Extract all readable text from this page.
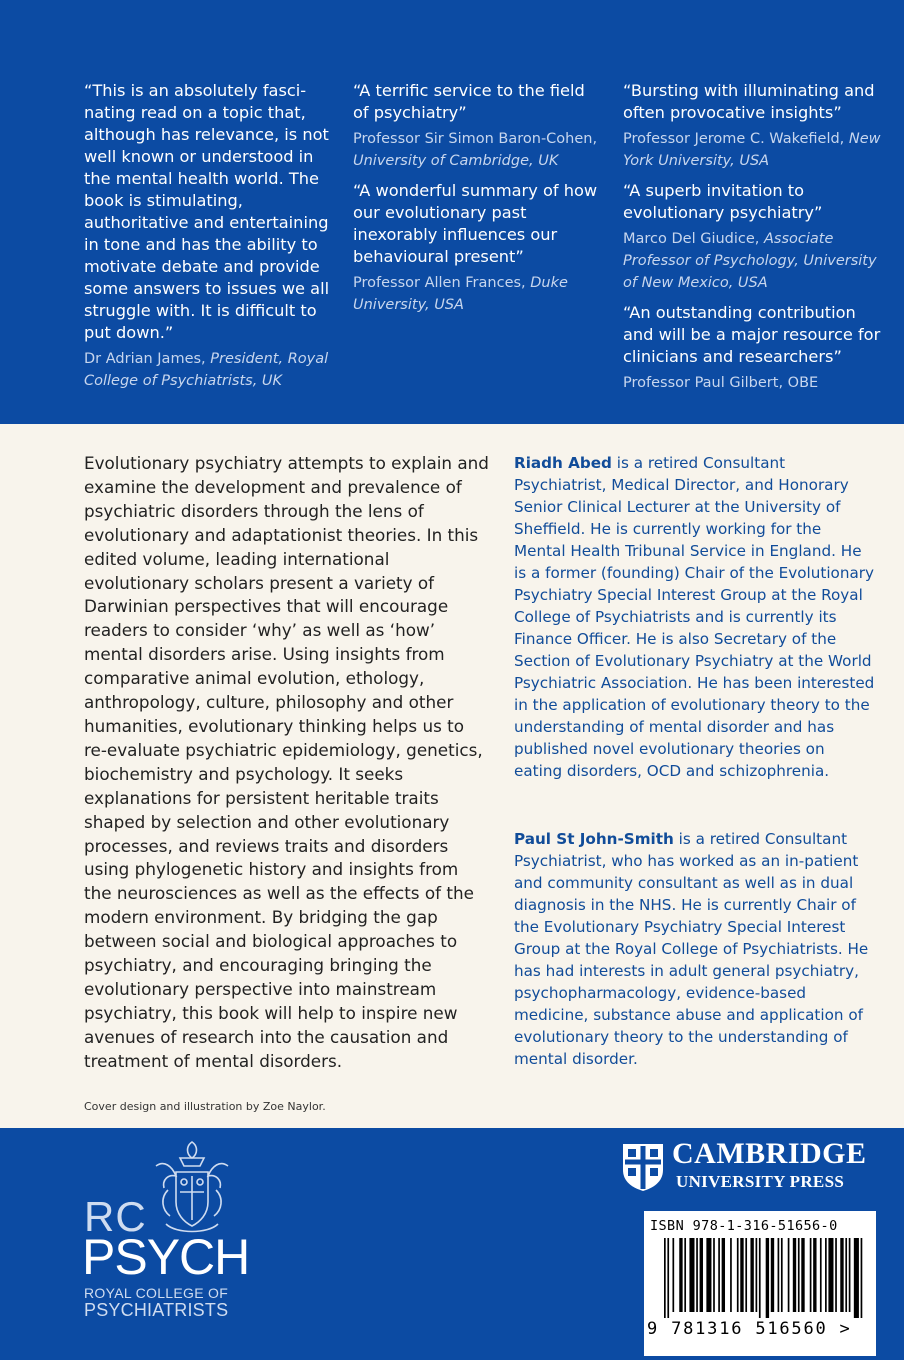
“This is an absolutely fasci- nating read on a topic that, although has relevance, is not well known or understood in the mental health world. The book is stimulating, authoritative and entertaining in tone and has the ability to motivate debate and provide some answers to issues we all struggle with. It is difficult to put down.”
Dr Adrian James, President, Royal College of Psychiatrists, UK
“A terrific service to the field of psychiatry”
Professor Sir Simon Baron-Cohen, University of Cambridge, UK
“A wonderful summary of how our evolutionary past inexorably influences our behavioural present”
Professor Allen Frances, Duke University, USA
“Bursting with illuminating and often provocative insights”
Professor Jerome C. Wakefield, New York University, USA
“A superb invitation to evolutionary psychiatry”
Marco Del Giudice, Associate Professor of Psychology, University of New Mexico, USA
“An outstanding contribution and will be a major resource for clinicians and researchers”
Professor Paul Gilbert, OBE
Evolutionary psychiatry attempts to explain and examine the development and prevalence of psychiatric disorders through the lens of evolutionary and adaptationist theories. In this edited volume, leading international evolutionary scholars present a variety of Darwinian perspectives that will encourage readers to consider ‘why’ as well as ‘how’ mental disorders arise. Using insights from comparative animal evolution, ethology, anthropology, culture, philosophy and other humanities, evolutionary thinking helps us to re-evaluate psychiatric epidemiology, genetics, biochemistry and psychology. It seeks explanations for persistent heritable traits shaped by selection and other evolutionary processes, and reviews traits and disorders using phylogenetic history and insights from the neurosciences as well as the effects of the modern environment. By bridging the gap between social and biological approaches to psychiatry, and encouraging bringing the evolutionary perspective into mainstream psychiatry, this book will help to inspire new avenues of research into the causation and treatment of mental disorders.
Riadh Abed is a retired Consultant Psychiatrist, Medical Director, and Honorary Senior Clinical Lecturer at the University of Sheffield. He is currently working for the Mental Health Tribunal Service in England. He is a former (founding) Chair of the Evolutionary Psychiatry Special Interest Group at the Royal College of Psychiatrists and is currently its Finance Officer. He is also Secretary of the Section of Evolutionary Psychiatry at the World Psychiatric Association. He has been interested in the application of evolutionary theory to the understanding of mental disorder and has published novel evolutionary theories on eating disorders, OCD and schizophrenia.
Paul St John-Smith is a retired Consultant Psychiatrist, who has worked as an in-patient and community consultant as well as in dual diagnosis in the NHS. He is currently Chair of the Evolutionary Psychiatry Special Interest Group at the Royal College of Psychiatrists. He has had interests in adult general psychiatry, psychopharmacology, evidence-based medicine, substance abuse and application of evolutionary theory to the understanding of mental disorder.
Cover design and illustration by Zoe Naylor.
RC
PSYCH
ROYAL COLLEGE OF
PSYCHIATRISTS
CAMBRIDGE
UNIVERSITY PRESS
ISBN 978-1-316-51656-0
9 781316 516560 >
